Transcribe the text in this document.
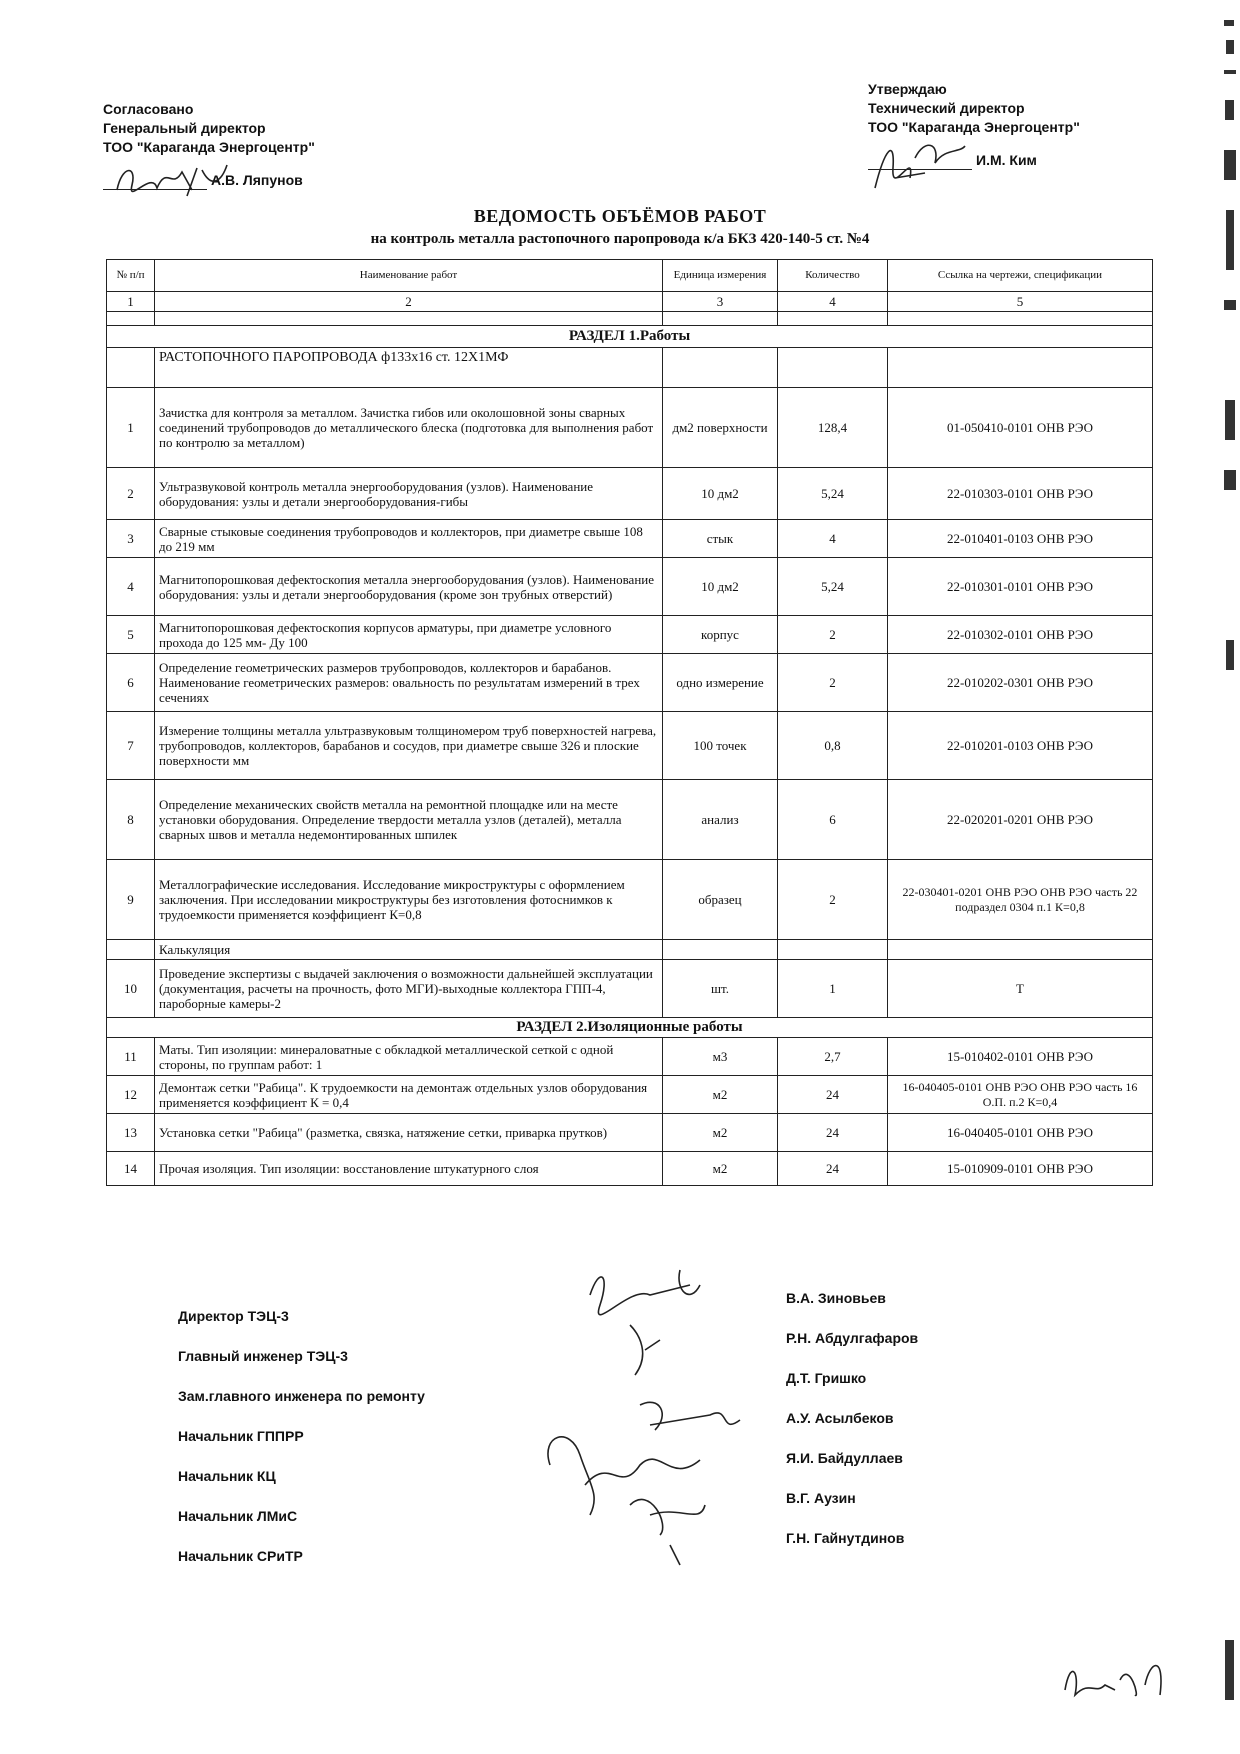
Согласовано
Генеральный директор
ТОО "Караганда Энергоцентр"
А.В. Ляпунов
Утверждаю
Технический директор
ТОО "Караганда Энергоцентр"
И.М. Ким
ВЕДОМОСТЬ ОБЪЁМОВ РАБОТ
на контроль металла растопочного паропровода к/а БКЗ 420-140-5 ст. №4
№ п/п	Наименование работ	Единица измерения	Количество	Ссылка на чертежи, спецификации
1	2	3	4	5

РАЗДЕЛ 1.Работы				
	РАСТОПОЧНОГО ПАРОПРОВОДА ф133х16 ст. 12Х1МФ			
1	Зачистка для контроля за металлом. Зачистка гибов или околошовной зоны сварных соединений трубопроводов до металлического блеска (подготовка для выполнения работ по контролю за металлом)	дм2 поверхности	128,4	01-050410-0101 ОНВ РЭО
2	Ультразвуковой контроль металла энергооборудования (узлов). Наименование оборудования: узлы и детали энергооборудования-гибы	10 дм2	5,24	22-010303-0101 ОНВ РЭО
3	Сварные стыковые соединения трубопроводов и коллекторов, при диаметре свыше 108 до 219 мм	стык	4	22-010401-0103 ОНВ РЭО
4	Магнитопорошковая дефектоскопия металла энергооборудования (узлов). Наименование оборудования: узлы и детали энергооборудования (кроме зон трубных отверстий)	10 дм2	5,24	22-010301-0101 ОНВ РЭО
5	Магнитопорошковая дефектоскопия корпусов арматуры, при диаметре условного прохода до 125 мм- Ду 100	корпус	2	22-010302-0101 ОНВ РЭО
6	Определение геометрических размеров трубопроводов, коллекторов и барабанов. Наименование геометрических размеров: овальность по результатам измерений в трех сечениях	одно измерение	2	22-010202-0301 ОНВ РЭО
7	Измерение толщины металла ультразвуковым толщиномером труб поверхностей нагрева, трубопроводов, коллекторов, барабанов и сосудов, при диаметре свыше 326 и плоские поверхности мм	100 точек	0,8	22-010201-0103 ОНВ РЭО
8	Определение механических свойств металла на ремонтной площадке или на месте установки оборудования. Определение твердости металла узлов (деталей), металла сварных швов и металла недемонтированных шпилек	анализ	6	22-020201-0201 ОНВ РЭО
9	Металлографические исследования. Исследование микроструктуры с оформлением заключения. При исследовании микроструктуры без изготовления фотоснимков к трудоемкости применяется коэффициент К=0,8	образец	2	22-030401-0201 ОНВ РЭО ОНВ РЭО часть 22 подраздел 0304 п.1 К=0,8
	Калькуляция			
10	Проведение экспертизы с выдачей заключения о возможности дальнейшей эксплуатации (документация, расчеты на прочность, фото МГИ)-выходные коллектора ГПП-4, пароборные камеры-2	шт.	1	Т
РАЗДЕЛ 2.Изоляционные работы				
11	Маты. Тип изоляции: минераловатные с обкладкой металлической сеткой с одной стороны, по группам работ: 1	м3	2,7	15-010402-0101 ОНВ РЭО
12	Демонтаж сетки "Рабица". К трудоемкости на демонтаж отдельных узлов оборудования применяется коэффициент К = 0,4	м2	24	16-040405-0101 ОНВ РЭО ОНВ РЭО часть 16 О.П. п.2 К=0,4
13	Установка сетки "Рабица" (разметка, связка, натяжение сетки, приварка прутков)	м2	24	16-040405-0101 ОНВ РЭО
14	Прочая изоляция. Тип изоляции: восстановление штукатурного слоя	м2	24	15-010909-0101 ОНВ РЭО
Директор ТЭЦ-3
Главный инженер ТЭЦ-3
Зам.главного инженера по ремонту
Начальник ГППРР
Начальник КЦ
Начальник ЛМиС
Начальник СРиТР
В.А. Зиновьев
Р.Н. Абдулгафаров
Д.Т. Гришко
А.У. Асылбеков
Я.И. Байдуллаев
В.Г. Аузин
Г.Н. Гайнутдинов
